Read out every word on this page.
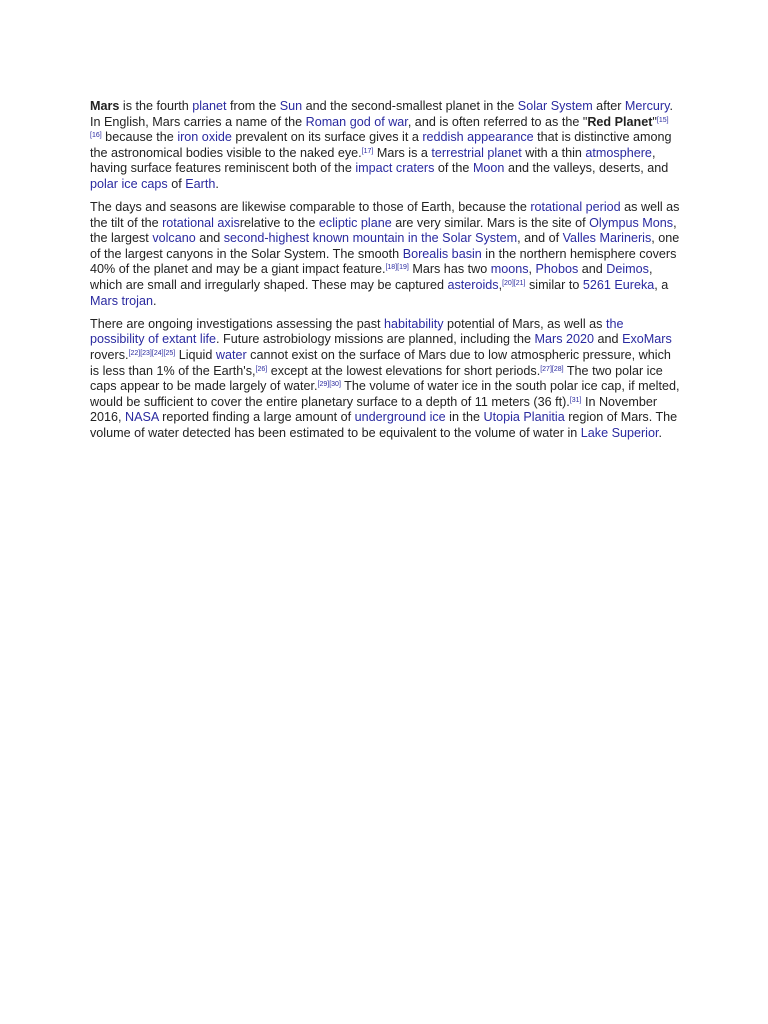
Mars is the fourth planet from the Sun and the second-smallest planet in the Solar System after Mercury. In English, Mars carries a name of the Roman god of war, and is often referred to as the "Red Planet"[15][16] because the iron oxide prevalent on its surface gives it a reddish appearance that is distinctive among the astronomical bodies visible to the naked eye.[17] Mars is a terrestrial planet with a thin atmosphere, having surface features reminiscent both of the impact craters of the Moon and the valleys, deserts, and polar ice caps of Earth.

The days and seasons are likewise comparable to those of Earth, because the rotational period as well as the tilt of the rotational axisrelative to the ecliptic plane are very similar. Mars is the site of Olympus Mons, the largest volcano and second-highest known mountain in the Solar System, and of Valles Marineris, one of the largest canyons in the Solar System. The smooth Borealis basin in the northern hemisphere covers 40% of the planet and may be a giant impact feature.[18][19] Mars has two moons, Phobos and Deimos, which are small and irregularly shaped. These may be captured asteroids,[20][21] similar to 5261 Eureka, a Mars trojan.

There are ongoing investigations assessing the past habitability potential of Mars, as well as the possibility of extant life. Future astrobiology missions are planned, including the Mars 2020 and ExoMars rovers.[22][23][24][25] Liquid water cannot exist on the surface of Mars due to low atmospheric pressure, which is less than 1% of the Earth's,[26] except at the lowest elevations for short periods.[27][28] The two polar ice caps appear to be made largely of water.[29][30] The volume of water ice in the south polar ice cap, if melted, would be sufficient to cover the entire planetary surface to a depth of 11 meters (36 ft).[31] In November 2016, NASA reported finding a large amount of underground ice in the Utopia Planitia region of Mars. The volume of water detected has been estimated to be equivalent to the volume of water in Lake Superior.
